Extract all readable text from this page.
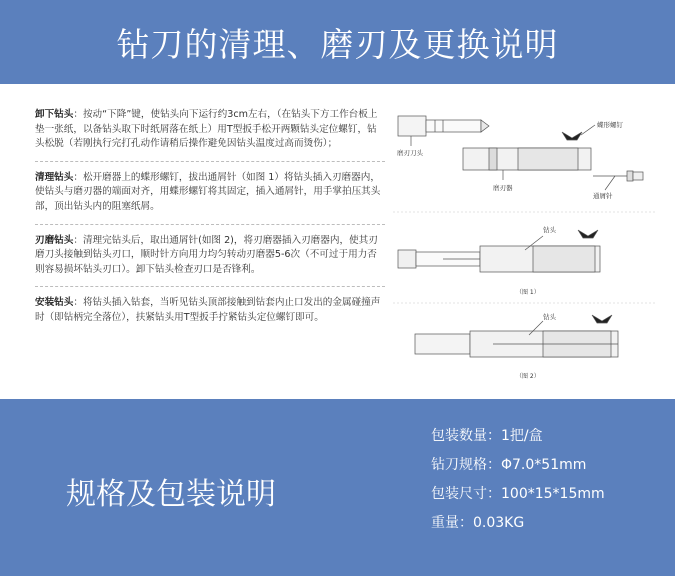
钻刀的清理、磨刃及更换说明
卸下钻头：按动“下降”键，使钻头向下运行约3cm左右，（在钻头下方工作台板上垫一张纸，以备钻头取下时纸屑落在纸上）用T型扳手松开两颗钻头定位螺钉，钻头松脱（若刚执行完打孔动作请稍后操作避免因钻头温度过高而烫伤）；
清理钻头：松开磨器上的蝶形螺钉，拔出通屑针（如图 1）将钻头插入刃磨器内，使钻头与磨刃器的端面对齐，用蝶形螺钉将其固定，插入通屑针，用手掌拍压其头部，顶出钻头内的阻塞纸屑。
刃磨钻头：清理完钻头后，取出通屑针(如图 2)，将刃磨器插入刃磨器内，使其刃磨刀头接触到钻头刃口，顺时针方向用力均匀转动刃磨器5-6次（不可过于用力否则容易损坏钻头刃口）。卸下钻头检查刃口是否锋利。
安装钻头：将钻头插入钻套，当听见钻头顶部接触到钻套内止口发出的金属碰撞声时（即钻柄完全落位），扶紧钻头用T型扳手拧紧钻头定位螺钉即可。
磨刃刀头
蝶形螺钉
磨刃器
通屑针
钻头
（图 1）
钻头
（图 2）
规格及包装说明
包装数量：1把/盒
钻刀规格：Φ7.0*51mm
包装尺寸：100*15*15mm
重量：0.03KG
